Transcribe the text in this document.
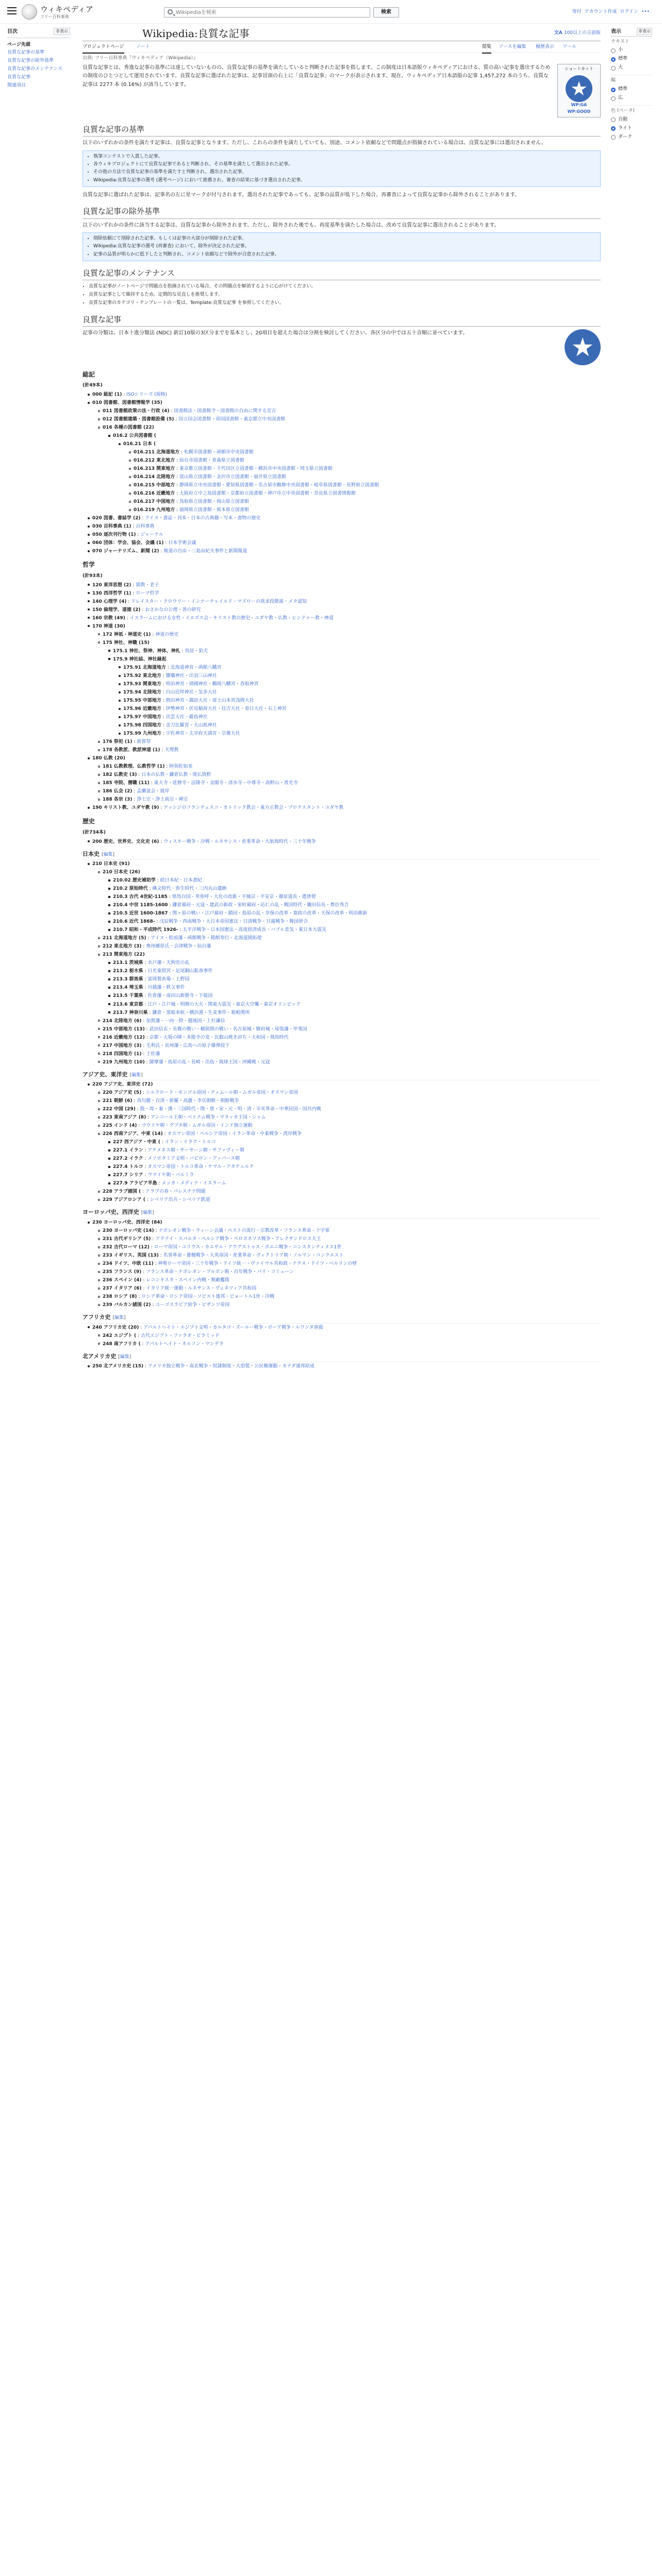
ウィキペディア
フリー百科事典
Wikipediaを検索
検索	寄付 アカウント作成 ログイン •••
目次	非表示
ページ先頭
良質な記事の基準
良質な記事の除外基準
良質な記事のメンテナンス
良質な記事
関連項目
表示	非表示
テキスト
小
標準
大
幅
標準
広
色 (ベータ)
自動
ライト
ダーク
Wikipedia:良質な記事	文A 100以上の言語版
プロジェクトページ	ノート	閲覧 ソースを編集 履歴表示 ツール
出典: フリー百科事典『ウィキペディア（Wikipedia）』

良質な記事とは、秀逸な記事の基準には達していないものの、良質な記事の基準を満たしていると判断された記事を指します。この制度は日本語版ウィキペディアにおける、質の高い記事を選出するための制度のひとつとして運用されています。良質な記事に選ばれた記事は、記事冒頭の右上に「良質な記事」のマークが表示されます。現在、ウィキペディア日本語版の記事 1,457,272 本のうち、良質な記事は 2277 本 (0.16%) が該当しています。

ショートカット
★
WP:GA
WP:GOOD
良質な記事の基準
以下のいずれかの条件を満たす記事は、良質な記事となります。ただし、これらの条件を満たしていても、別途、コメント依頼などで問題点が指摘されている場合は、良質な記事には選出されません。
• 執筆コンテストで入賞した記事。
• 各ウィキプロジェクトにて良質な記事であると判断され、その基準を満たして選出された記事。
• その他の方法で良質な記事の基準を満たすと判断され、選出された記事。
• Wikipedia:良質な記事の選考 (選考ページ) において推薦され、審査の結果に基づき選出された記事。
良質な記事に選ばれた記事は、記事名の左に星マークが付与されます。選出された記事であっても、記事の品質が低下した場合、再審査によって良質な記事から除外されることがあります。
良質な記事の除外基準
以下のいずれかの条件に該当する記事は、良質な記事から除外されます。ただし、除外された後でも、再度基準を満たした場合は、改めて良質な記事に選出されることがあります。
• 削除依頼にて削除された記事、もしくは記事の大部分が削除された記事。
• Wikipedia:良質な記事の選考 (再審査) において、除外が決定された記事。
• 記事の品質が明らかに低下したと判断され、コメント依頼などで除外が合意された記事。
良質な記事のメンテナンス
• 良質な記事がノートページで問題点を指摘されている場合、その問題点を解消するように心がけてください。
• 良質な記事として維持するため、定期的な見直しを推奨します。
• 良質な記事のカテゴリ・テンプレートの一覧は、Template:良質な記事 を参照してください。
良質な記事
記事の分類は、日本十進分類法 (NDC) 新訂10版の3区分までを基本とし、20項目を超えた場合は分割を検討してください。各区分の中では五十音順に並べています。
★
総記
(計49本)
000 総記 (1) : ISOシリーズ (規格)
010 図書館、図書館情報学 (35)
011 図書館政策の法・行政 (4) : 図書館法・図書館令・図書館の自由に関する宣言
012 図書館建築・図書館設備 (5) : 国立国会図書館・帝国図書館・東京都立中央図書館
016 各種の図書館 (22)
016.2 公共図書館 (
016.21 日本 (
016.211 北海道地方 : 札幌市図書館・函館市中央図書館
016.212 東北地方 : 仙台市図書館・青森県立図書館
016.213 関東地方 : 東京都立図書館・千代田区立図書館・横浜市中央図書館・埼玉県立図書館
016.214 北陸地方 : 富山県立図書館・金沢市立図書館・福井県立図書館
016.215 中部地方 : 静岡県立中央図書館・愛知県図書館・名古屋市鶴舞中央図書館・岐阜県図書館・長野県立図書館
016.216 近畿地方 : 大阪府立中之島図書館・京都府立図書館・神戸市立中央図書館・奈良県立図書情報館
016.217 中国地方 : 鳥取県立図書館・岡山県立図書館
016.219 九州地方 : 福岡県立図書館・熊本県立図書館
020 図書、書誌学 (2) : アイヌ・書誌・刊本・日本の古典籍・写本・書物の歴史
030 百科事典 (1) : 百科事典
050 逐次刊行物 (1) : ジャーナル
060 団体：学会、協会、会議 (1) : 日本学術会議
070 ジャーナリズム、新聞 (2) : 報道の自由・三島由紀夫事件と新聞報道
哲学
(計93本)
120 東洋思想 (2) : 儒教・老子
130 西洋哲学 (1) : ローマ哲学
140 心理学 (4) : アレイスター・クロウリー・インナーチャイルド・マズローの欲求段階説・メタ認知
150 倫理学、道徳 (2) : おさかなの公理・善の研究
160 宗教 (49) : イスラームにおける女性・イエズス会・キリスト教の歴史・ユダヤ教・仏教・ヒンドゥー教・神道
170 神道 (30)
172 神祇・神道史 (1) : 神道の歴史
175 神社、神職 (15)
175.1 神社、祭神、神体、神札 : 鳥居・狛犬
175.9 神社誌、神社縁起
175.91 北海道地方 : 北海道神宮・函館八幡宮
175.92 東北地方 : 鹽竈神社・出羽三山神社
175.93 関東地方 : 明治神宮・靖國神社・鶴岡八幡宮・香取神宮
175.94 北陸地方 : 白山比咩神社・気多大社
175.95 中部地方 : 熱田神宮・諏訪大社・富士山本宮浅間大社
175.96 近畿地方 : 伊勢神宮・伏見稲荷大社・住吉大社・春日大社・石上神宮
175.97 中国地方 : 出雲大社・厳島神社
175.98 四国地方 : 金刀比羅宮・大山祇神社
175.99 九州地方 : 宇佐神宮・太宰府天満宮・宗像大社
176 祭祀 (1) : 新嘗祭
178 各教派、教派神道 (1) : 天理教
180 仏教 (20)
181 仏教教理、仏教哲学 (1) : 阿弥陀如来
182 仏教史 (3) : 日本の仏教・鎌倉仏教・廃仏毀釈
185 寺院、僧職 (11) : 東大寺・延暦寺・法隆寺・金閣寺・清水寺・中尊寺・高野山・善光寺
186 仏会 (2) : 盂蘭盆会・彼岸
188 各宗 (3) : 浄土宗・浄土真宗・禅宗
190 キリスト教、ユダヤ教 (9) : アッシジのフランチェスコ・カトリック教会・東方正教会・プロテスタント・ユダヤ教
歴史
(計734本)
200 歴史、世界史、文化史 (6) : ウィスキー戦争・冷戦・ルネサンス・産業革命・大航海時代・三十年戦争
日本史 [ 編集 ]
210 日本史 (91)
210 日本史 (26)
210.02 歴史補助学 : 続日本紀・日本書紀
210.2 原始時代 : 縄文時代・弥生時代・三内丸山遺跡
210.3 古代 4世紀-1185 : 邪馬台国・卑弥呼・大化の改新・平城京・平安京・藤原道長・遣唐使
210.4 中世 1185-1600 : 鎌倉幕府・元寇・建武の新政・室町幕府・応仁の乱・戦国時代・織田信長・豊臣秀吉
210.5 近世 1600-1867 : 関ヶ原の戦い・江戸幕府・鎖国・島原の乱・享保の改革・寛政の改革・天保の改革・明治維新
210.6 近代 1868- : 戊辰戦争・西南戦争・大日本帝国憲法・日清戦争・日露戦争・韓国併合
210.7 昭和・平成時代 1926- : 太平洋戦争・日本国憲法・高度経済成長・バブル景気・東日本大震災
211 北海道地方 (5) : アイヌ・松前藩・函館戦争・箱館奉行・北海道開拓使
212 東北地方 (3) : 奥州藤原氏・会津戦争・仙台藩
213 関東地方 (22)
213.1 茨城県 : 水戸藩・天狗党の乱
213.2 栃木県 : 日光東照宮・足尾銅山鉱毒事件
213.3 群馬県 : 富岡製糸場・上野国
213.4 埼玉県 : 川越藩・秩父事件
213.5 千葉県 : 佐倉藩・成田山新勝寺・下総国
213.6 東京都 : 江戸・江戸城・明暦の大火・関東大震災・東京大空襲・東京オリンピック
213.7 神奈川県 : 鎌倉・黒船来航・横浜港・生麦事件・箱根関所
214 北陸地方 (6) : 加賀藩・一向一揆・越後国・上杉謙信
215 中部地方 (13) : 武田信玄・長篠の戦い・桶狭間の戦い・名古屋城・駿府城・尾張藩・甲斐国
216 近畿地方 (12) : 京都・大坂の陣・本能寺の変・比叡山焼き討ち・大和国・飛鳥時代
217 中国地方 (3) : 毛利氏・長州藩・広島への原子爆弾投下
218 四国地方 (1) : 土佐藩
219 九州地方 (10) : 薩摩藩・島原の乱・長崎・出島・琉球王国・沖縄戦・元寇
アジア史、東洋史 [ 編集 ]
220 アジア史、東洋史 (72)
220 アジア史 (5) : シルクロード・モンゴル帝国・ティムール朝・ムガル帝国・オスマン帝国
221 朝鮮 (6) : 高句麗・百済・新羅・高麗・李氏朝鮮・朝鮮戦争
222 中国 (29) : 殷・周・秦・漢・三国時代・隋・唐・宋・元・明・清・辛亥革命・中華民国・国共内戦
223 東南アジア (8) : アンコール王朝・ベトナム戦争・マラッカ王国・シャム
225 インド (4) : マウリヤ朝・グプタ朝・ムガル帝国・インド独立運動
226 西南アジア、中東 (14) : オスマン帝国・ペルシア帝国・イラン革命・中東戦争・湾岸戦争
227 西アジア・中東 ( : イラン・イラク・トルコ
227.1 イラン : アケメネス朝・サーサーン朝・サファヴィー朝
227.2 イラク : メソポタミア文明・バビロン・アッバース朝
227.4 トルコ : オスマン帝国・トルコ革命・ケマル・アタテュルク
227.7 シリア : ウマイヤ朝・パルミラ
227.9 アラビア半島 : メッカ・メディナ・イスラーム
228 アラブ諸国 ( : アラブの春・パレスチナ問題
229 アジアロシア ( : シベリア出兵・シベリア鉄道
ヨーロッパ史、西洋史 [ 編集 ]
230 ヨーロッパ史、西洋史 (84)
230 ヨーロッパ史 (14) : ナポレオン戦争・ウィーン会議・ペストの流行・宗教改革・フランス革命・十字軍
231 古代ギリシア (5) : アテナイ・スパルタ・ペルシア戦争・ペロポネソス戦争・アレクサンドロス大王
232 古代ローマ (12) : ローマ帝国・ユリウス・カエサル・アウグストゥス・ポエニ戦争・コンスタンティヌス1世
233 イギリス、英国 (13) : 名誉革命・薔薇戦争・大英帝国・産業革命・ヴィクトリア朝・ノルマン・コンクエスト
234 ドイツ、中欧 (11) : 神聖ローマ帝国・三十年戦争・ドイツ統一・ヴァイマル共和政・ナチス・ドイツ・ベルリンの壁
235 フランス (9) : フランス革命・ナポレオン・ブルボン朝・百年戦争・パリ・コミューン
236 スペイン (4) : レコンキスタ・スペイン内戦・無敵艦隊
237 イタリア (6) : イタリア統一運動・ルネサンス・ヴェネツィア共和国
238 ロシア (8) : ロシア革命・ロシア帝国・ソビエト連邦・ピョートル1世・冷戦
239 バルカン諸国 (2) : ユーゴスラビア紛争・ビザンツ帝国
アフリカ史 [ 編集 ]
240 アフリカ史 (20) : アパルトヘイト・エジプト文明・カルタゴ・ズールー戦争・ボーア戦争・ルワンダ虐殺
242 エジプト ( : 古代エジプト・ファラオ・ピラミッド
248 南アフリカ ( : アパルトヘイト・ネルソン・マンデラ
北アメリカ史 [ 編集 ]
250 北アメリカ史 (15) : アメリカ独立戦争・南北戦争・奴隷制度・大恐慌・公民権運動・カナダ連邦結成
